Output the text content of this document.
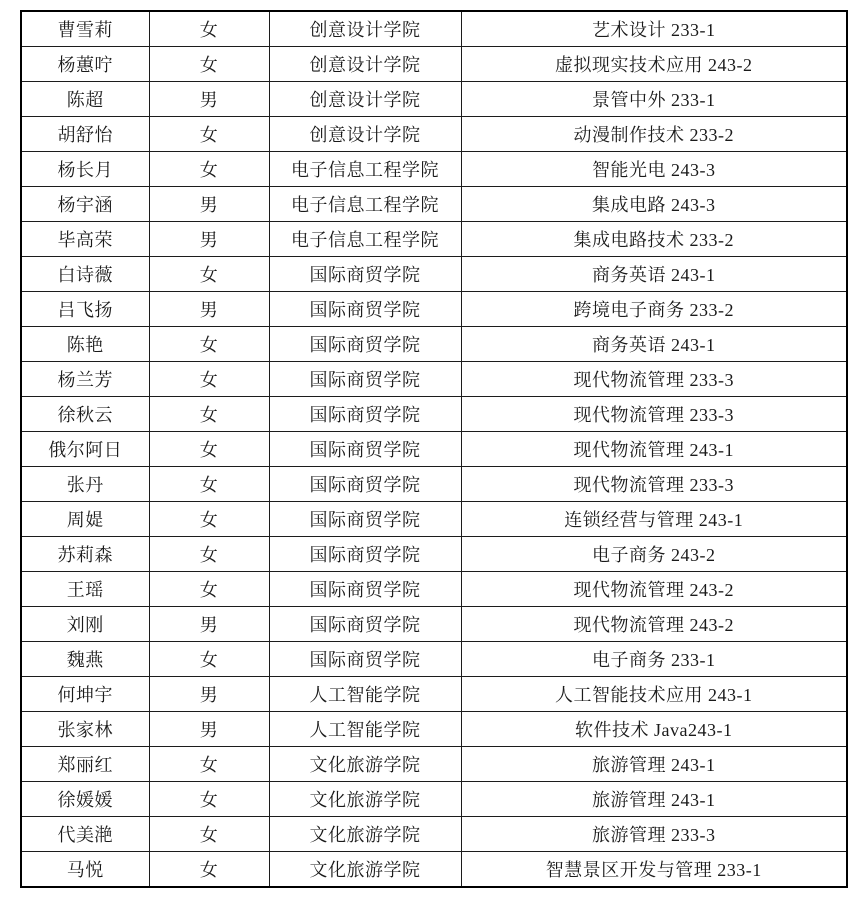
曹雪莉	女	创意设计学院	艺术设计 233-1
杨蕙咛	女	创意设计学院	虚拟现实技术应用 243-2
陈超	男	创意设计学院	景管中外 233-1
胡舒怡	女	创意设计学院	动漫制作技术 233-2
杨长月	女	电子信息工程学院	智能光电 243-3
杨宇涵	男	电子信息工程学院	集成电路 243-3
毕高荣	男	电子信息工程学院	集成电路技术 233-2
白诗薇	女	国际商贸学院	商务英语 243-1
吕飞扬	男	国际商贸学院	跨境电子商务 233-2
陈艳	女	国际商贸学院	商务英语 243-1
杨兰芳	女	国际商贸学院	现代物流管理 233-3
徐秋云	女	国际商贸学院	现代物流管理 233-3
俄尔阿日	女	国际商贸学院	现代物流管理 243-1
张丹	女	国际商贸学院	现代物流管理 233-3
周媞	女	国际商贸学院	连锁经营与管理 243-1
苏莉森	女	国际商贸学院	电子商务 243-2
王瑶	女	国际商贸学院	现代物流管理 243-2
刘刚	男	国际商贸学院	现代物流管理 243-2
魏燕	女	国际商贸学院	电子商务 233-1
何坤宇	男	人工智能学院	人工智能技术应用 243-1
张家林	男	人工智能学院	软件技术 Java243-1
郑丽红	女	文化旅游学院	旅游管理 243-1
徐媛媛	女	文化旅游学院	旅游管理 243-1
代美滟	女	文化旅游学院	旅游管理 233-3
马悦	女	文化旅游学院	智慧景区开发与管理 233-1
